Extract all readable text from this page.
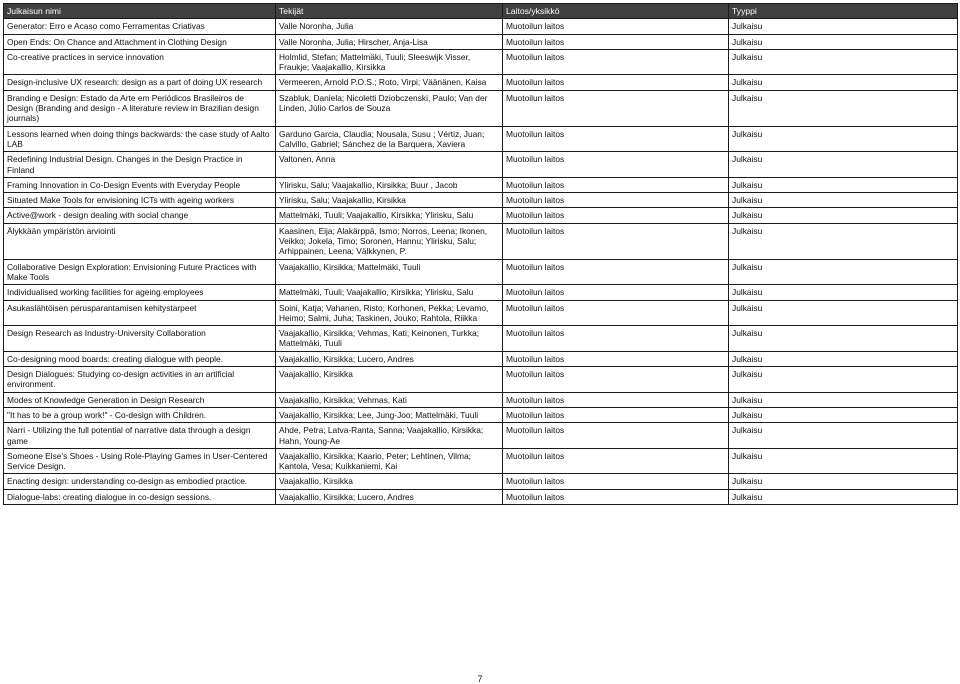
Julkaisun nimi	Tekijät	Laitos/yksikkö	Tyyppi
Generator: Erro e Acaso como Ferramentas Criativas	Valle Noronha, Julia	Muotoilun laitos	Julkaisu
Open Ends: On Chance and Attachment in Clothing Design	Valle Noronha, Julia; Hirscher, Anja-Lisa	Muotoilun laitos	Julkaisu
Co-creative practices in service innovation	Holmlid, Stefan; Mattelmäki, Tuuli; Sleeswijk Visser, Fraukje; Vaajakallio, Kirsikka	Muotoilun laitos	Julkaisu
Design-inclusive UX research: design as a part of doing UX research	Vermeeren, Arnold P.O.S.; Roto, Virpi; Väänänen, Kaisa	Muotoilun laitos	Julkaisu
Branding e Design: Estado da Arte em Periódicos Brasileiros de Design (Branding and design - A literature review in Brazilian design journals)	Szabluk, Daniela; Nicoletti Dziobczenski, Paulo; Van der Linden, Júlio Carlos de Souza	Muotoilun laitos	Julkaisu
Lessons learned when doing things backwards: the case study of Aalto LAB	Garduno Garcia, Claudia; Nousala, Susu ; Vértiz, Juan; Calvillo, Gabriel; Sánchez de la Barquera, Xaviera	Muotoilun laitos	Julkaisu
Redefining Industrial Design. Changes in the Design Practice in Finland	Valtonen, Anna	Muotoilun laitos	Julkaisu
Framing Innovation in Co-Design Events with Everyday People	Ylirisku, Salu; Vaajakallio, Kirsikka; Buur , Jacob	Muotoilun laitos	Julkaisu
Situated Make Tools for envisioning ICTs with ageing workers	Ylirisku, Salu; Vaajakallio, Kirsikka	Muotoilun laitos	Julkaisu
Active@work - design dealing with social change	Mattelmäki, Tuuli; Vaajakallio, Kirsikka; Ylirisku, Salu	Muotoilun laitos	Julkaisu
Älykkään ympäristön arviointi	Kaasinen, Eija; Alakärppä, Ismo; Norros, Leena; Ikonen, Veikko; Jokela, Timo; Soronen, Hannu; Ylirisku, Salu; Arhippainen, Leena; Välkkynen, P.	Muotoilun laitos	Julkaisu
Collaborative Design Exploration: Envisioning Future Practices with Make Tools	Vaajakallio, Kirsikka; Mattelmäki, Tuuli	Muotoilun laitos	Julkaisu
Individualised working facilities for ageing employees	Mattelmäki, Tuuli; Vaajakallio, Kirsikka; Ylirisku, Salu	Muotoilun laitos	Julkaisu
Asukaslähtöisen perusparantamisen kehitystarpeet	Soini, Katja; Vahanen, Risto; Korhonen, Pekka; Levamo, Heimo; Salmi, Juha; Taskinen, Jouko; Rahtola, Riikka	Muotoilun laitos	Julkaisu
Design Research as Industry-University Collaboration	Vaajakallio, Kirsikka; Vehmas, Kati; Keinonen, Turkka; Mattelmäki, Tuuli	Muotoilun laitos	Julkaisu
Co-designing mood boards: creating dialogue with people.	Vaajakallio, Kirsikka; Lucero, Andres	Muotoilun laitos	Julkaisu
Design Dialogues: Studying co-design activities in an artificial environment.	Vaajakallio, Kirsikka	Muotoilun laitos	Julkaisu
Modes of Knowledge Generation in Design Research	Vaajakallio, Kirsikka; Vehmas, Kati	Muotoilun laitos	Julkaisu
"It has to be a group work!" - Co-design with Children.	Vaajakallio, Kirsikka; Lee, Jung-Joo; Mattelmäki, Tuuli	Muotoilun laitos	Julkaisu
Narri - Utilizing the full potential of narrative data through a design game	Ahde, Petra; Latva-Ranta, Sanna; Vaajakallio, Kirsikka; Hahn, Young-Ae	Muotoilun laitos	Julkaisu
Someone Else's Shoes - Using Role-Playing Games in User-Centered Service Design.	Vaajakallio, Kirsikka; Kaario, Peter; Lehtinen, Vilma; Kantola, Vesa; Kuikkaniemi, Kai	Muotoilun laitos	Julkaisu
Enacting design: understanding co-design as embodied practice.	Vaajakallio, Kirsikka	Muotoilun laitos	Julkaisu
Dialogue-labs: creating dialogue in co-design sessions.	Vaajakallio, Kirsikka; Lucero, Andres	Muotoilun laitos	Julkaisu
7
